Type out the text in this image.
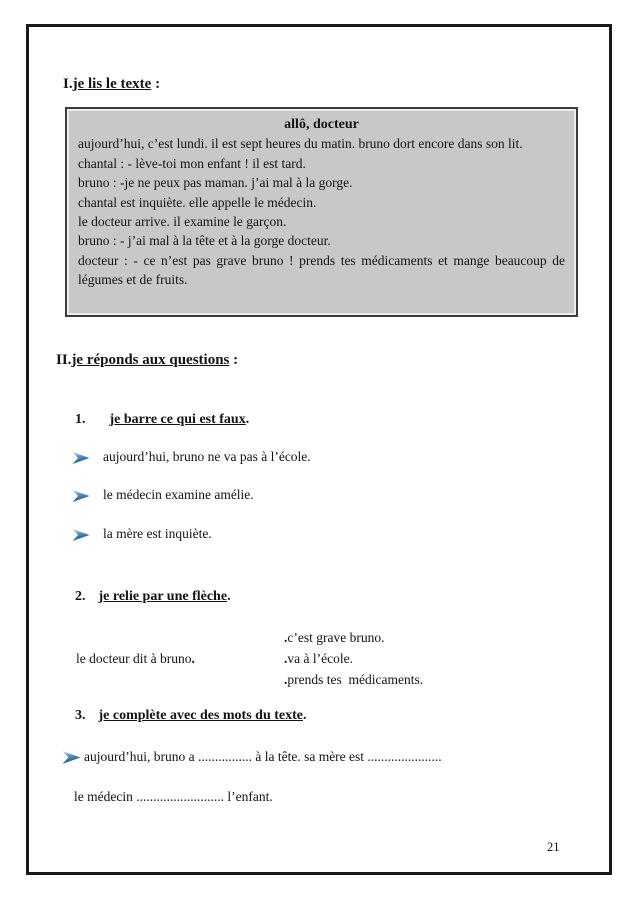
I.je lis le texte :
allô, docteur

aujourd’hui, c’est lundi. il est sept heures du matin. bruno dort encore dans son lit.

chantal : - lève-toi mon enfant ! il est tard.

bruno : -je ne peux pas maman. j’ai mal à la gorge.

chantal est inquiète. elle appelle le médecin.

le docteur arrive. il examine le garçon.

bruno : - j’ai mal à la tête et à la gorge docteur.

docteur : - ce n’est pas grave bruno ! prends tes médicaments et mange beaucoup de légumes et de fruits.

II.je réponds aux questions :
1. je barre ce qui est faux.
aujourd’hui, bruno ne va pas à l’école.
le médecin examine amélie.
la mère est inquiète.
2. je relie par une flèche.
le docteur dit à bruno.
.c’est grave bruno.
.va à l’école.
.prends tes  médicaments.
3. je complète avec des mots du texte.
aujourd’hui, bruno a ................ à la tête. sa mère est ......................
le médecin .......................... l’enfant.
21
